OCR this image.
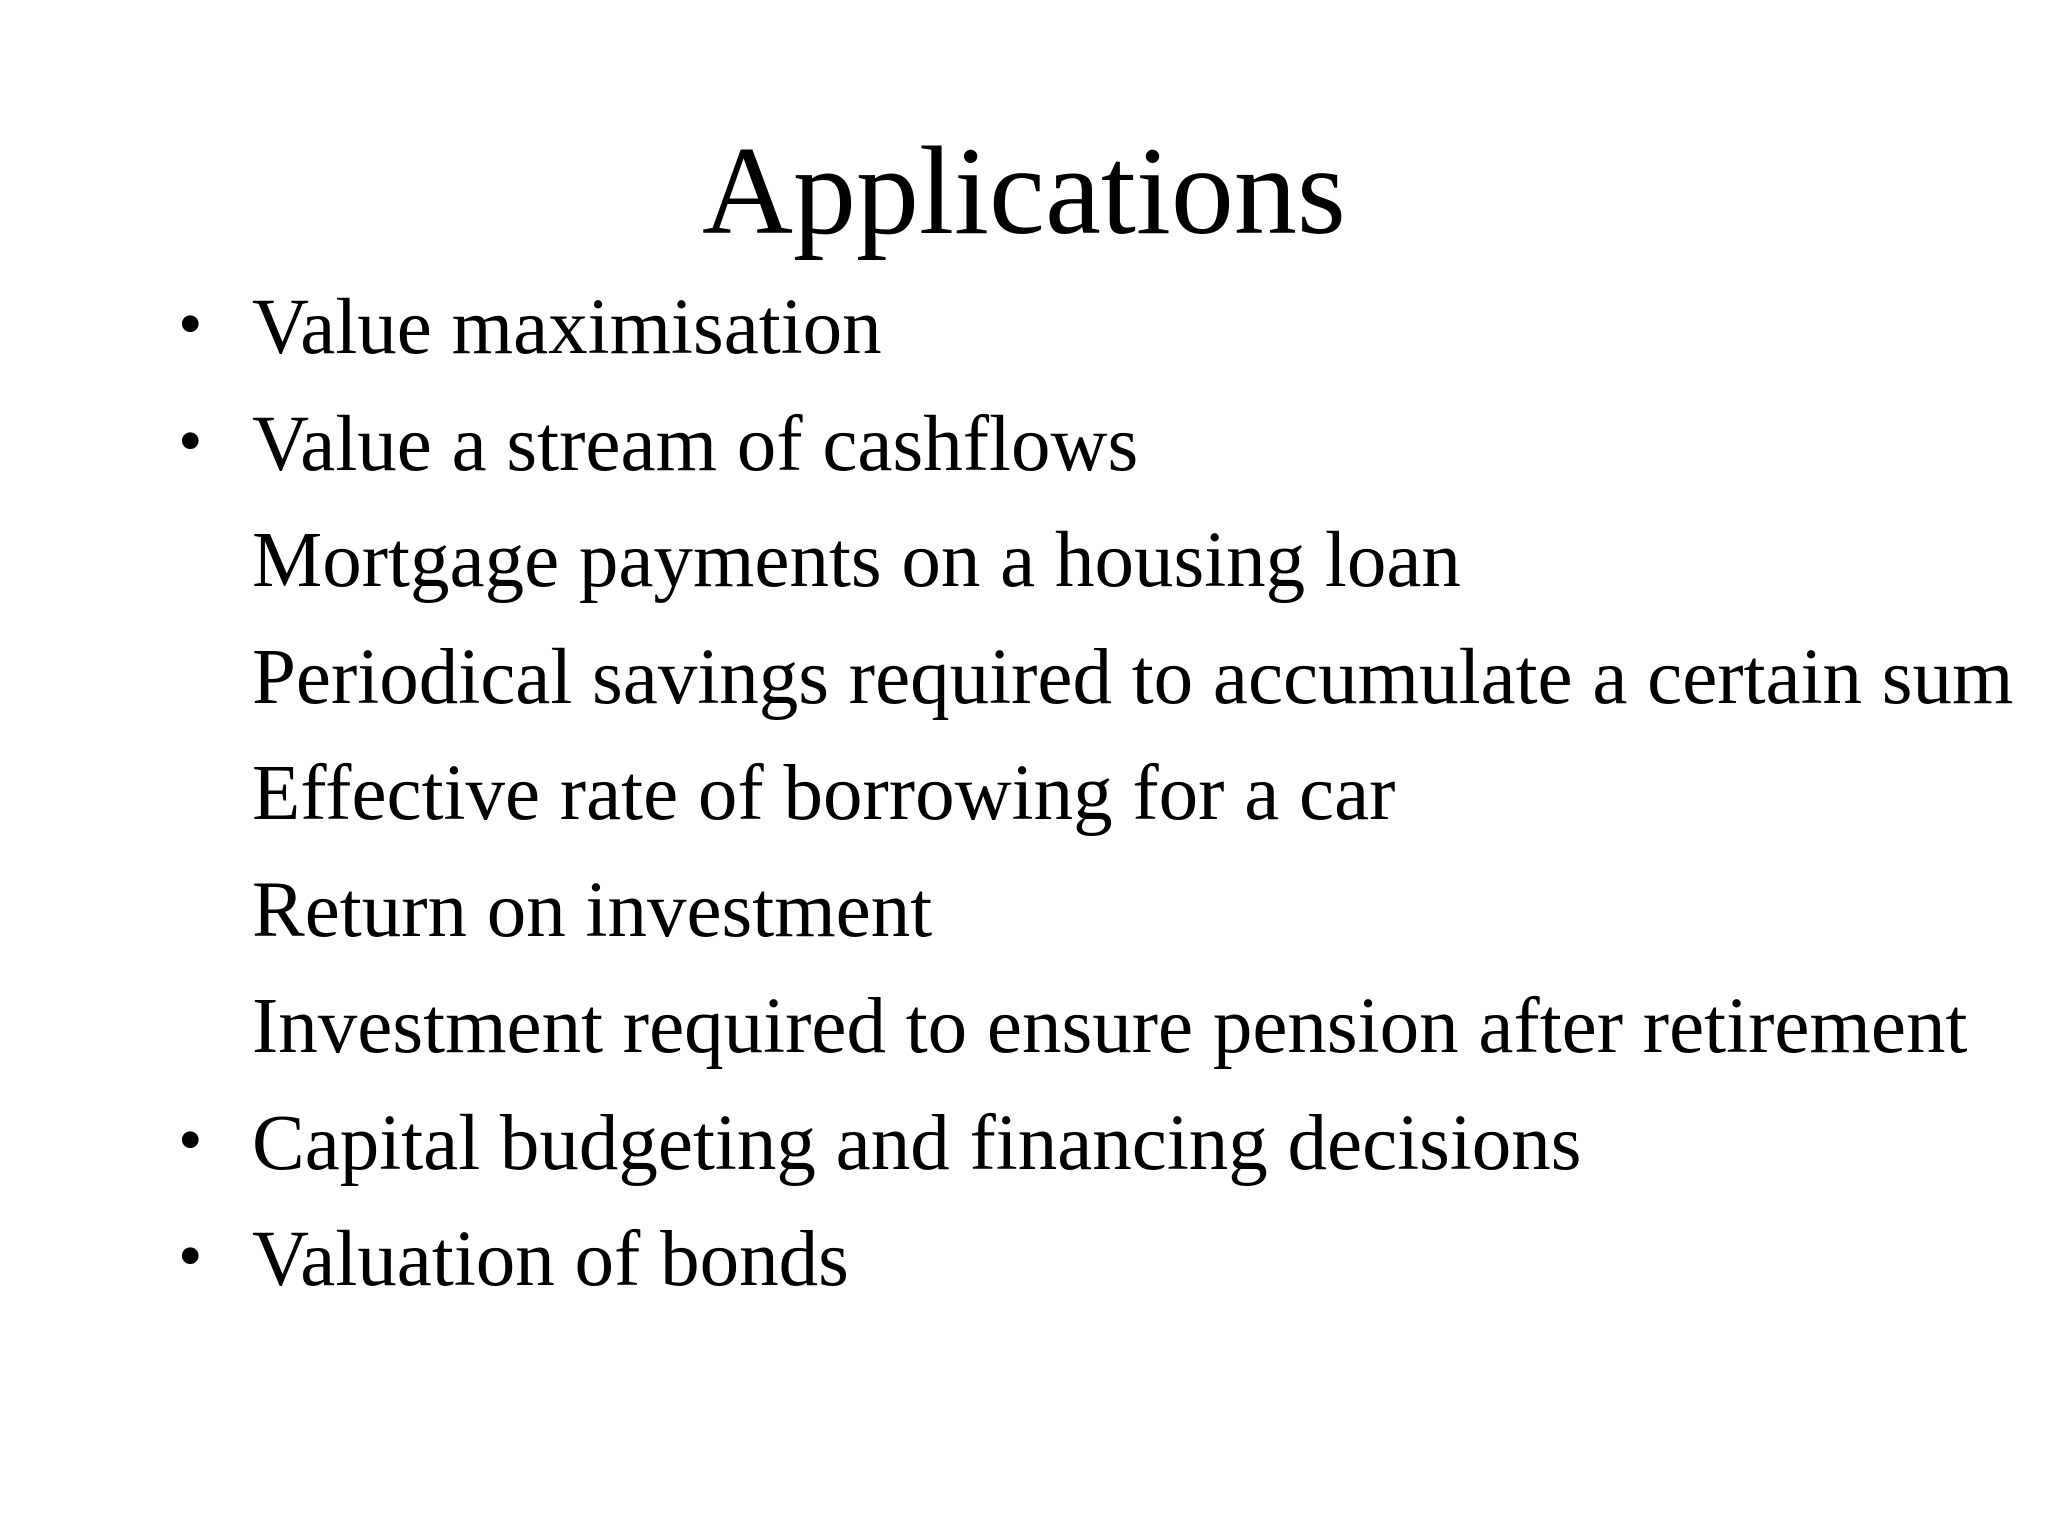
Applications
• Value maximisation
• Value a stream of cashflows
Mortgage payments on a housing loan
Periodical savings required to accumulate a certain sum
Effective rate of borrowing for a car
Return on investment
Investment required to ensure pension after retirement
• Capital budgeting and financing decisions
• Valuation of bonds
